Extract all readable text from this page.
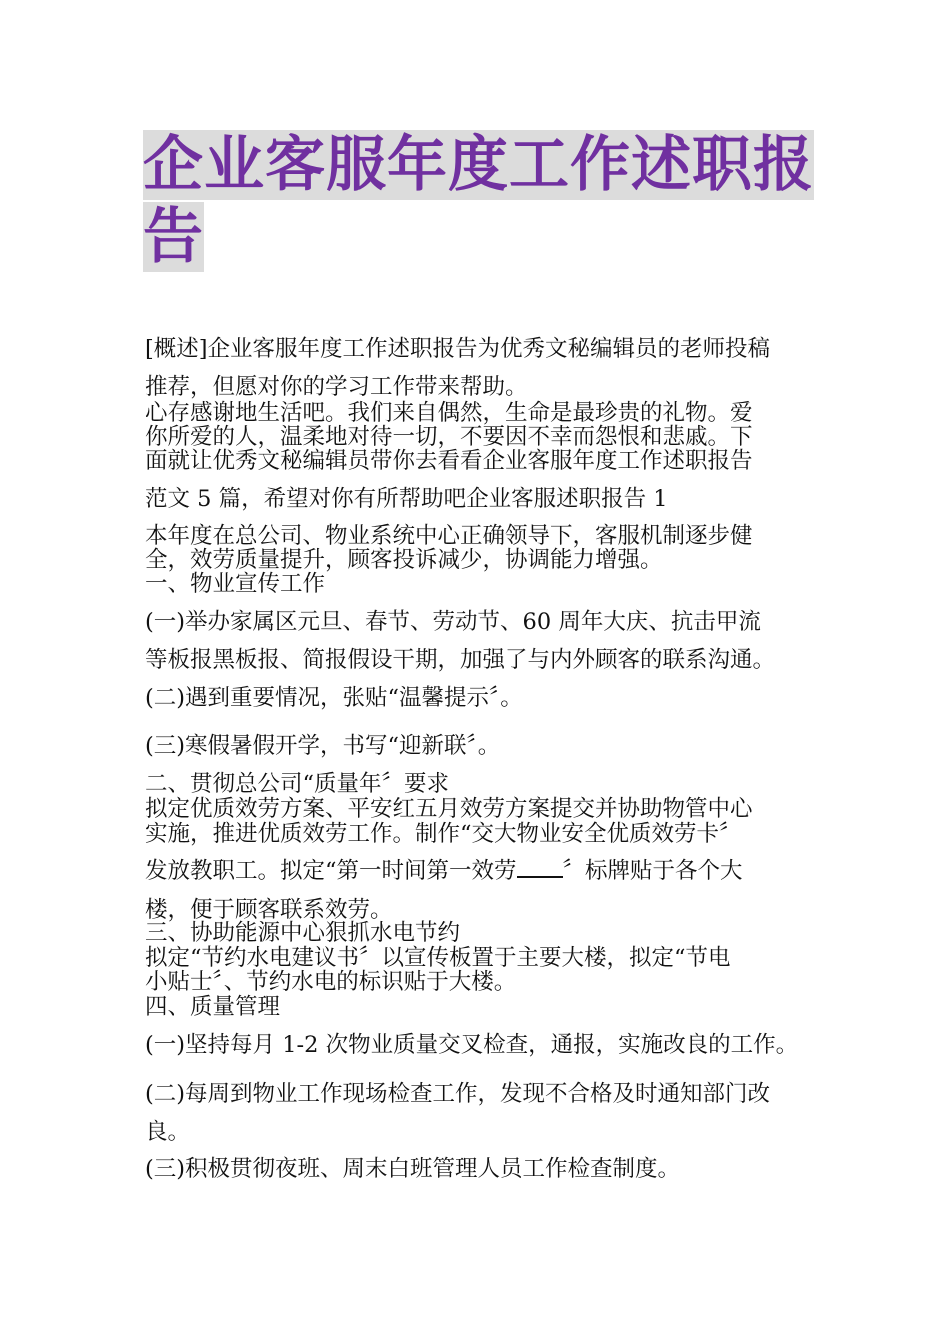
企业客服年度工作述职报
告
[概述]企业客服年度工作述职报告为优秀文秘编辑员的老师投稿
推荐，但愿对你的学习工作带来帮助。
心存感谢地生活吧。我们来自偶然，生命是最珍贵的礼物。爱
你所爱的人，温柔地对待一切，不要因不幸而怨恨和悲戚。下
面就让优秀文秘编辑员带你去看看企业客服年度工作述职报告
范文 5 篇，希望对你有所帮助吧企业客服述职报告 1
本年度在总公司、物业系统中心正确领导下，客服机制逐步健
全，效劳质量提升，顾客投诉减少，协调能力增强。
一、物业宣传工作
(一)举办家属区元旦、春节、劳动节、60 周年大庆、抗击甲流
等板报黑板报、简报假设干期，加强了与内外顾客的联系沟通。
(二)遇到重要情况，张贴“温馨提示〞。
(三)寒假暑假开学，书写“迎新联〞。
二、贯彻总公司“质量年〞要求
拟定优质效劳方案、平安红五月效劳方案提交并协助物管中心
实施，推进优质效劳工作。制作“交大物业安全优质效劳卡〞
发放教职工。拟定“第一时间第一效劳 〞标牌贴于各个大
楼，便于顾客联系效劳。
三、协助能源中心狠抓水电节约
拟定“节约水电建议书〞以宣传板置于主要大楼，拟定“节电
小贴士〞、节约水电的标识贴于大楼。
四、质量管理
(一)坚持每月 1-2 次物业质量交叉检查，通报，实施改良的工作。
(二)每周到物业工作现场检查工作，发现不合格及时通知部门改
良。
(三)积极贯彻夜班、周末白班管理人员工作检查制度。
